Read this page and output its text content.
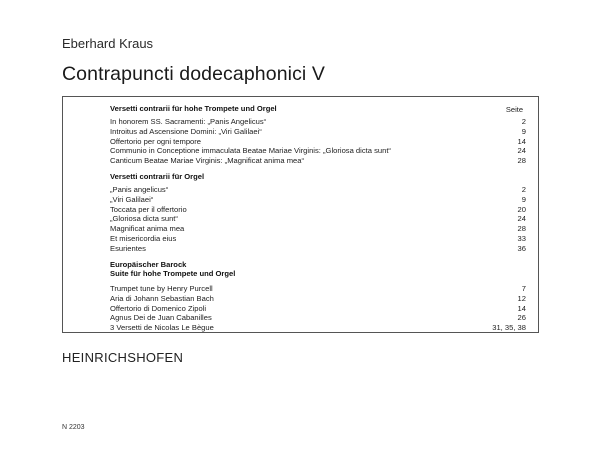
Eberhard Kraus
Contrapuncti dodecaphonici V
Seite
Versetti contrarii für hohe Trompete und Orgel
In honorem SS. Sacramenti: „Panis Angelicus“	2
Introitus ad Ascensione Domini: „Viri Galilaei“	9
Offertorio per ogni tempore	14
Communio in Conceptione immaculata Beatae Mariae Virginis: „Gloriosa dicta sunt“	24
Canticum Beatae Mariae Virginis: „Magnificat anima mea“	28
Versetti contrarii für Orgel
„Panis angelicus“	2
„Viri Galilaei“	9
Toccata per il offertorio	20
„Gloriosa dicta sunt“	24
Magnificat anima mea	28
Et misericordia eius	33
Esurientes	36
Europäischer Barock
Suite für hohe Trompete und Orgel
Trumpet tune by Henry Purcell	7
Aria di Johann Sebastian Bach	12
Offertorio di Domenico Zipoli	14
Agnus Dei de Juan Cabanilles	26
3 Versetti de Nicolas Le Bègue	31, 35, 38
HEINRICHSHOFEN
N 2203
